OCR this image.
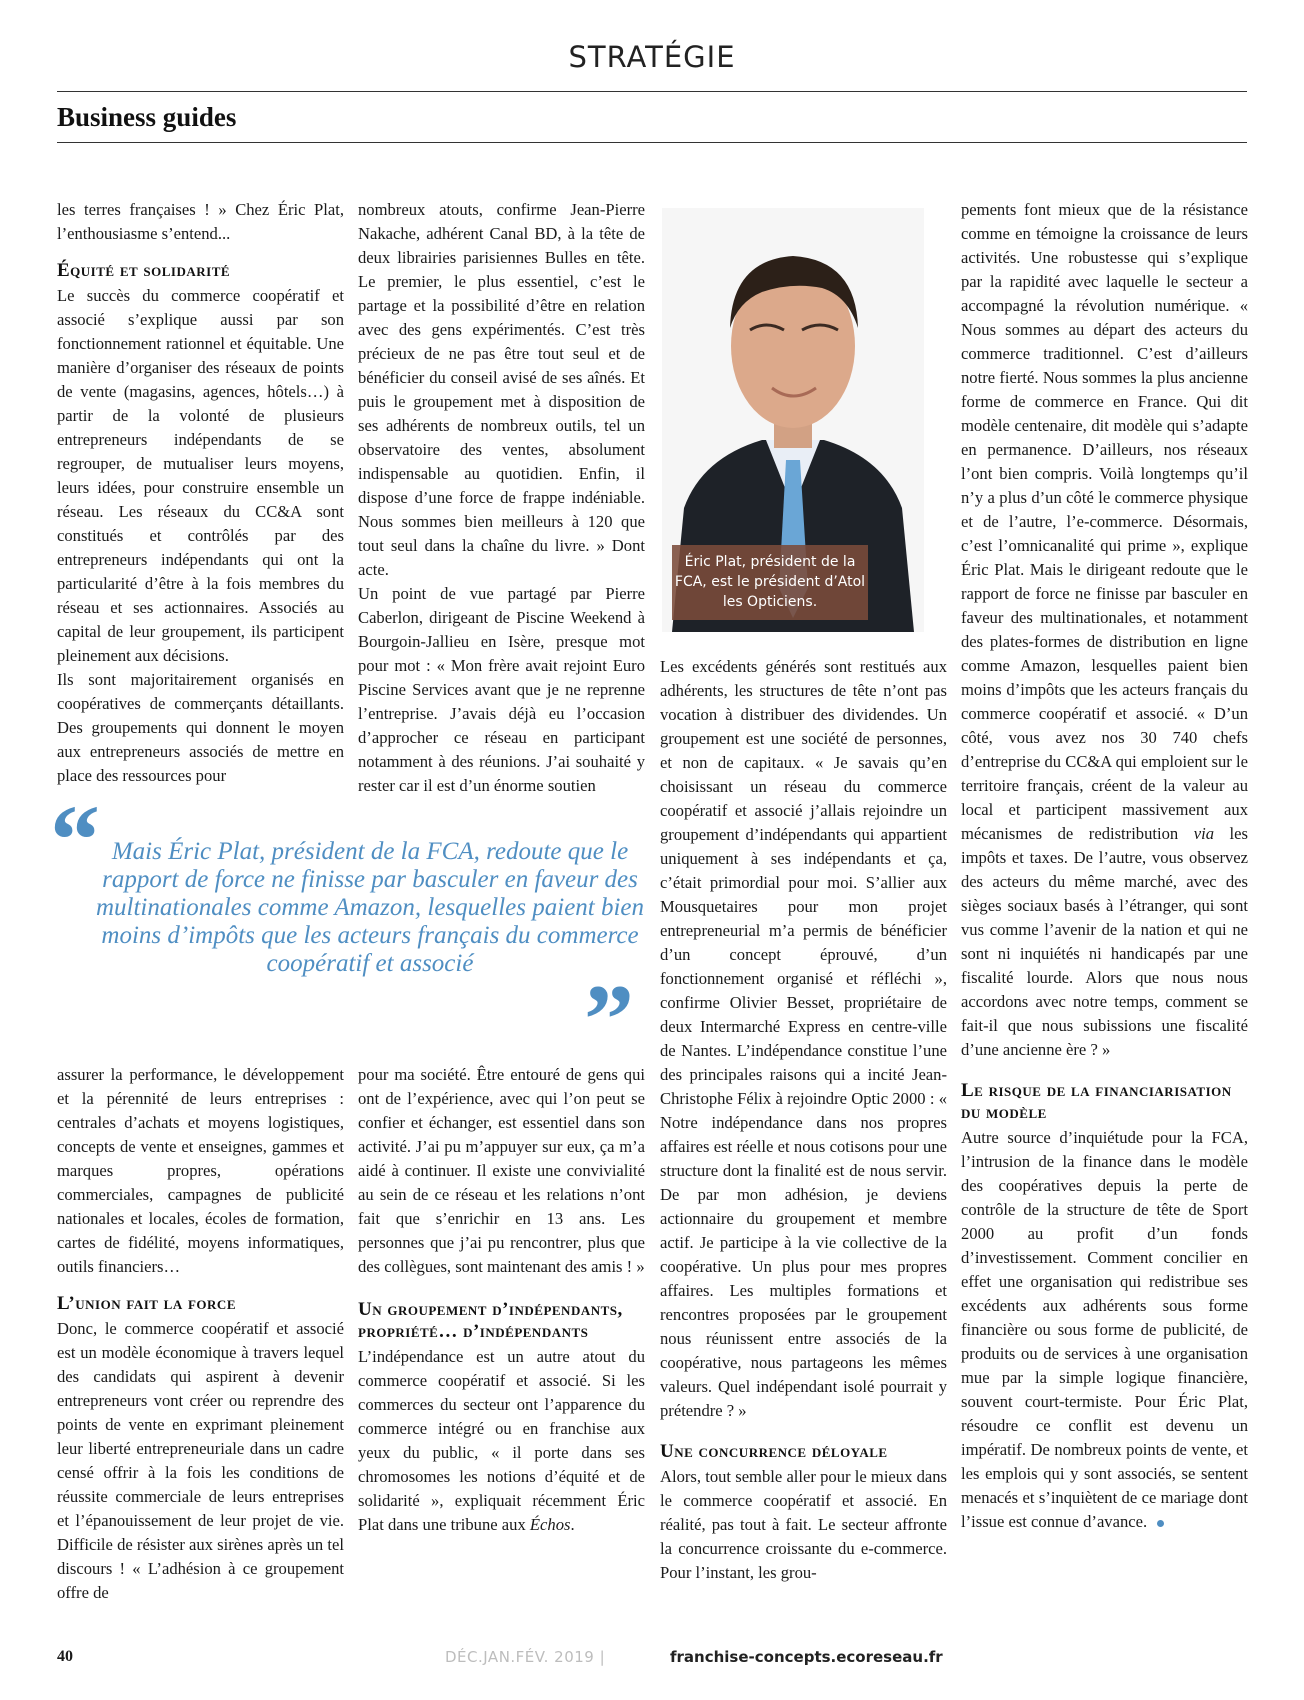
STRATÉGIE
Business guides

les terres françaises ! » Chez Éric Plat, l’enthousiasme s’entend...

Équité et solidarité

Le succès du commerce coopératif et associé s’explique aussi par son fonctionnement rationnel et équitable. Une manière d’organiser des réseaux de points de vente (magasins, agences, hôtels…) à partir de la volonté de plusieurs entrepreneurs indépendants de se regrouper, de mutualiser leurs moyens, leurs idées, pour construire ensemble un réseau. Les réseaux du CC&A sont constitués et contrôlés par des entrepreneurs indépendants qui ont la particularité d’être à la fois membres du réseau et ses actionnaires. Associés au capital de leur groupement, ils participent pleinement aux décisions.

Ils sont majoritairement organisés en coopératives de commerçants détaillants. Des groupements qui donnent le moyen aux entrepreneurs associés de mettre en place des ressources pour

nombreux atouts, confirme Jean-Pierre Nakache, adhérent Canal BD, à la tête de deux librairies parisiennes Bulles en tête. Le premier, le plus essentiel, c’est le partage et la possibilité d’être en relation avec des gens expérimentés. C’est très précieux de ne pas être tout seul et de bénéficier du conseil avisé de ses aînés. Et puis le groupement met à disposition de ses adhérents de nombreux outils, tel un observatoire des ventes, absolument indispensable au quotidien. Enfin, il dispose d’une force de frappe indéniable. Nous sommes bien meilleurs à 120 que tout seul dans la chaîne du livre. » Dont acte.

Un point de vue partagé par Pierre Caberlon, dirigeant de Piscine Weekend à Bourgoin-Jallieu en Isère, presque mot pour mot : « Mon frère avait rejoint Euro Piscine Services avant que je ne reprenne l’entreprise. J’avais déjà eu l’occasion d’approcher ce réseau en participant notamment à des réunions. J’ai souhaité y rester car il est d’un énorme soutien

Éric Plat, président de la FCA, est le président d’Atol les Opticiens.
“ Mais Éric Plat, président de la FCA, redoute que le rapport de force ne finisse par basculer en faveur des multinationales comme Amazon, lesquelles paient bien moins d’impôts que les acteurs français du commerce coopératif et associé
”

assurer la performance, le développement et la pérennité de leurs entreprises : centrales d’achats et moyens logistiques, concepts de vente et enseignes, gammes et marques propres, opérations commerciales, campagnes de publicité nationales et locales, écoles de formation, cartes de fidélité, moyens informatiques, outils financiers…

L’union fait la force

Donc, le commerce coopératif et associé est un modèle économique à travers lequel des candidats qui aspirent à devenir entrepreneurs vont créer ou reprendre des points de vente en exprimant pleinement leur liberté entrepreneuriale dans un cadre censé offrir à la fois les conditions de réussite commerciale de leurs entreprises et l’épanouissement de leur projet de vie. Difficile de résister aux sirènes après un tel discours ! « L’adhésion à ce groupement offre de

pour ma société. Être entouré de gens qui ont de l’expérience, avec qui l’on peut se confier et échanger, est essentiel dans son activité. J’ai pu m’appuyer sur eux, ça m’a aidé à continuer. Il existe une convivialité au sein de ce réseau et les relations n’ont fait que s’enrichir en 13 ans. Les personnes que j’ai pu rencontrer, plus que des collègues, sont maintenant des amis ! »

Un groupement d’indépendants, propriété… d’indépendants

L’indépendance est un autre atout du commerce coopératif et associé. Si les commerces du secteur ont l’apparence du commerce intégré ou en franchise aux yeux du public, « il porte dans ses chromosomes les notions d’équité et de solidarité », expliquait récemment Éric Plat dans une tribune aux Échos.

Les excédents générés sont restitués aux adhérents, les structures de tête n’ont pas vocation à distribuer des dividendes. Un groupement est une société de personnes, et non de capitaux. « Je savais qu’en choisissant un réseau du commerce coopératif et associé j’allais rejoindre un groupement d’indépendants qui appartient uniquement à ses indépendants et ça, c’était primordial pour moi. S’allier aux Mousquetaires pour mon projet entrepreneurial m’a permis de bénéficier d’un concept éprouvé, d’un fonctionnement organisé et réfléchi », confirme Olivier Besset, propriétaire de deux Intermarché Express en centre-ville de Nantes. L’indépendance constitue l’une des principales raisons qui a incité Jean-Christophe Félix à rejoindre Optic 2000 : « Notre indépendance dans nos propres affaires est réelle et nous cotisons pour une structure dont la finalité est de nous servir. De par mon adhésion, je deviens actionnaire du groupement et membre actif. Je participe à la vie collective de la coopérative. Un plus pour mes propres affaires. Les multiples formations et rencontres proposées par le groupement nous réunissent entre associés de la coopérative, nous partageons les mêmes valeurs. Quel indépendant isolé pourrait y prétendre ? »

Une concurrence déloyale

Alors, tout semble aller pour le mieux dans le commerce coopératif et associé. En réalité, pas tout à fait. Le secteur affronte la concurrence croissante du e-commerce. Pour l’instant, les grou-

pements font mieux que de la résistance comme en témoigne la croissance de leurs activités. Une robustesse qui s’explique par la rapidité avec laquelle le secteur a accompagné la révolution numérique. « Nous sommes au départ des acteurs du commerce traditionnel. C’est d’ailleurs notre fierté. Nous sommes la plus ancienne forme de commerce en France. Qui dit modèle centenaire, dit modèle qui s’adapte en permanence. D’ailleurs, nos réseaux l’ont bien compris. Voilà longtemps qu’il n’y a plus d’un côté le commerce physique et de l’autre, l’e-commerce. Désormais, c’est l’omnicanalité qui prime », explique Éric Plat. Mais le dirigeant redoute que le rapport de force ne finisse par basculer en faveur des multinationales, et notamment des plates-formes de distribution en ligne comme Amazon, lesquelles paient bien moins d’impôts que les acteurs français du commerce coopératif et associé. « D’un côté, vous avez nos 30 740 chefs d’entreprise du CC&A qui emploient sur le territoire français, créent de la valeur au local et participent massivement aux mécanismes de redistribution via les impôts et taxes. De l’autre, vous observez des acteurs du même marché, avec des sièges sociaux basés à l’étranger, qui sont vus comme l’avenir de la nation et qui ne sont ni inquiétés ni handicapés par une fiscalité lourde. Alors que nous nous accordons avec notre temps, comment se fait-il que nous subissions une fiscalité d’une ancienne ère ? »

Le risque de la financiarisation du modèle

Autre source d’inquiétude pour la FCA, l’intrusion de la finance dans le modèle des coopératives depuis la perte de contrôle de la structure de tête de Sport 2000 au profit d’un fonds d’investissement. Comment concilier en effet une organisation qui redistribue ses excédents aux adhérents sous forme financière ou sous forme de publicité, de produits ou de services à une organisation mue par la simple logique financière, souvent court-termiste. Pour Éric Plat, résoudre ce conflit est devenu un impératif. De nombreux points de vente, et les emplois qui y sont associés, se sentent menacés et s’inquiètent de ce mariage dont l’issue est connue d’avance.

40	DÉC.JAN.FÉV. 2019 |	franchise-concepts.ecoreseau.fr
